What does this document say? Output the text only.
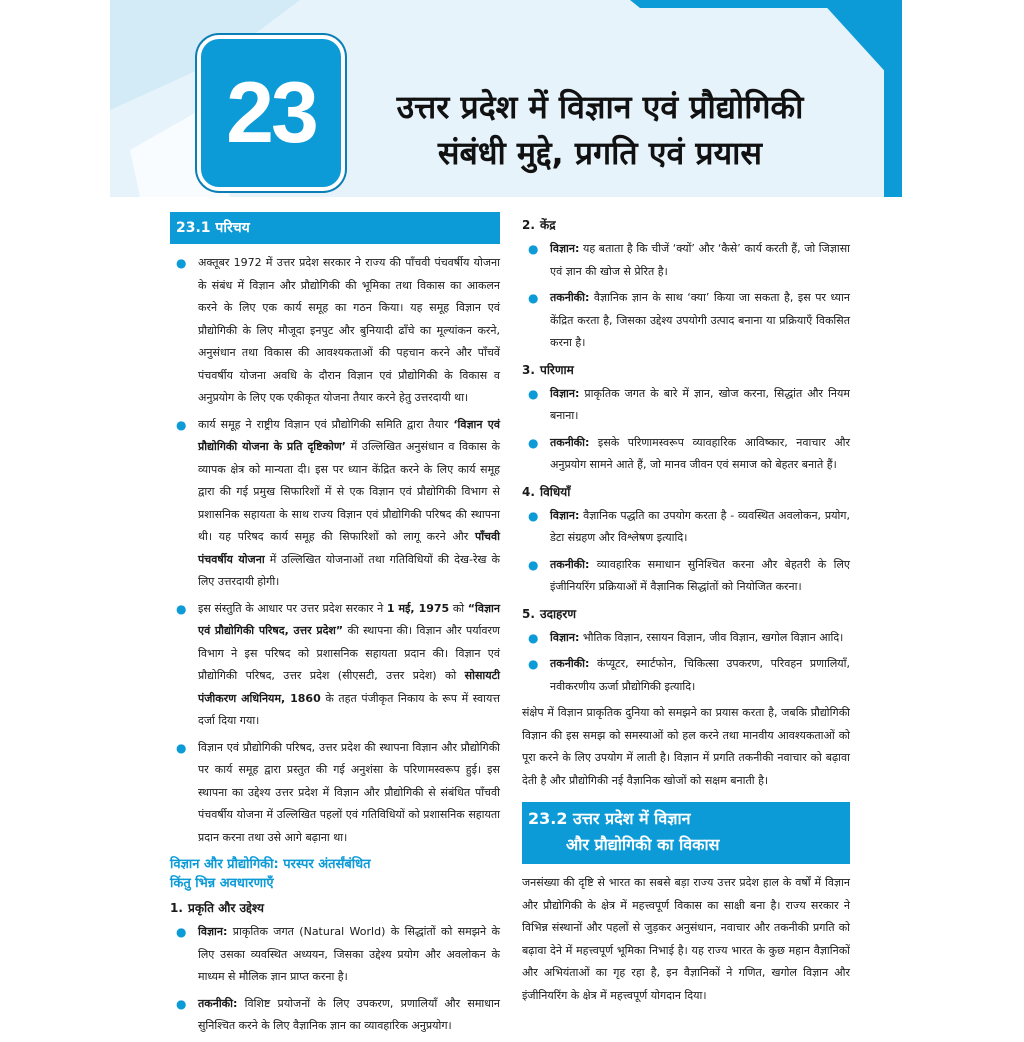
23	उत्तर प्रदेश में विज्ञान एवं प्रौद्योगिकी
संबंधी मुद्दे, प्रगति एवं प्रयास
23.1 परिचय
● अक्तूबर 1972 में उत्तर प्रदेश सरकार ने राज्य की पाँचवी पंचवर्षीय योजना के संबंध में विज्ञान और प्रौद्योगिकी की भूमिका तथा विकास का आकलन करने के लिए एक कार्य समूह का गठन किया। यह समूह विज्ञान एवं प्रौद्योगिकी के लिए मौजूदा इनपुट और बुनियादी ढाँचे का मूल्यांकन करने, अनुसंधान तथा विकास की आवश्यकताओं की पहचान करने और पाँचवें पंचवर्षीय योजना अवधि के दौरान विज्ञान एवं प्रौद्योगिकी के विकास व अनुप्रयोग के लिए एक एकीकृत योजना तैयार करने हेतु उत्तरदायी था।
● कार्य समूह ने राष्ट्रीय विज्ञान एवं प्रौद्योगिकी समिति द्वारा तैयार ‘विज्ञान एवं प्रौद्योगिकी योजना के प्रति दृष्टिकोण’ में उल्लिखित अनुसंधान व विकास के व्यापक क्षेत्र को मान्यता दी। इस पर ध्यान केंद्रित करने के लिए कार्य समूह द्वारा की गई प्रमुख सिफारिशों में से एक विज्ञान एवं प्रौद्योगिकी विभाग से प्रशासनिक सहायता के साथ राज्य विज्ञान एवं प्रौद्योगिकी परिषद की स्थापना थी। यह परिषद कार्य समूह की सिफारिशों को लागू करने और पाँचवी पंचवर्षीय योजना में उल्लिखित योजनाओं तथा गतिविधियों की देख-रेख के लिए उत्तरदायी होगी।
● इस संस्तुति के आधार पर उत्तर प्रदेश सरकार ने 1 मई, 1975 को “विज्ञान एवं प्रौद्योगिकी परिषद, उत्तर प्रदेश” की स्थापना की। विज्ञान और पर्यावरण विभाग ने इस परिषद को प्रशासनिक सहायता प्रदान की। विज्ञान एवं प्रौद्योगिकी परिषद, उत्तर प्रदेश (सीएसटी, उत्तर प्रदेश) को सोसायटी पंजीकरण अधिनियम, 1860 के तहत पंजीकृत निकाय के रूप में स्वायत्त दर्जा दिया गया।
● विज्ञान एवं प्रौद्योगिकी परिषद, उत्तर प्रदेश की स्थापना विज्ञान और प्रौद्योगिकी पर कार्य समूह द्वारा प्रस्तुत की गई अनुशंसा के परिणामस्वरूप हुई। इस स्थापना का उद्देश्य उत्तर प्रदेश में विज्ञान और प्रौद्योगिकी से संबंधित पाँचवी पंचवर्षीय योजना में उल्लिखित पहलों एवं गतिविधियों को प्रशासनिक सहायता प्रदान करना तथा उसे आगे बढ़ाना था।
विज्ञान और प्रौद्योगिकी: परस्पर अंतर्संबंधित
किंतु भिन्न अवधारणाएँ
1. प्रकृति और उद्देश्य
● विज्ञान: प्राकृतिक जगत (Natural World) के सिद्धांतों को समझने के लिए उसका व्यवस्थित अध्ययन, जिसका उद्देश्य प्रयोग और अवलोकन के माध्यम से मौलिक ज्ञान प्राप्त करना है।
● तकनीकी: विशिष्ट प्रयोजनों के लिए उपकरण, प्रणालियाँ और समाधान सुनिश्चित करने के लिए वैज्ञानिक ज्ञान का व्यावहारिक अनुप्रयोग।
2. केंद्र
● विज्ञान: यह बताता है कि चीजें ‘क्यों’ और ‘कैसे’ कार्य करती हैं, जो जिज्ञासा एवं ज्ञान की खोज से प्रेरित है।
● तकनीकी: वैज्ञानिक ज्ञान के साथ ‘क्या’ किया जा सकता है, इस पर ध्यान केंद्रित करता है, जिसका उद्देश्य उपयोगी उत्पाद बनाना या प्रक्रियाएँ विकसित करना है।
3. परिणाम
● विज्ञान: प्राकृतिक जगत के बारे में ज्ञान, खोज करना, सिद्धांत और नियम बनाना।
● तकनीकी: इसके परिणामस्वरूप व्यावहारिक आविष्कार, नवाचार और अनुप्रयोग सामने आते हैं, जो मानव जीवन एवं समाज को बेहतर बनाते हैं।
4. विधियाँ
● विज्ञान: वैज्ञानिक पद्धति का उपयोग करता है - व्यवस्थित अवलोकन, प्रयोग, डेटा संग्रहण और विश्लेषण इत्यादि।
● तकनीकी: व्यावहारिक समाधान सुनिश्चित करना और बेहतरी के लिए इंजीनियरिंग प्रक्रियाओं में वैज्ञानिक सिद्धांतों को नियोजित करना।
5. उदाहरण
● विज्ञान: भौतिक विज्ञान, रसायन विज्ञान, जीव विज्ञान, खगोल विज्ञान आदि।
● तकनीकी: कंप्यूटर, स्मार्टफोन, चिकित्सा उपकरण, परिवहन प्रणालियाँ, नवीकरणीय ऊर्जा प्रौद्योगिकी इत्यादि।
संक्षेप में विज्ञान प्राकृतिक दुनिया को समझने का प्रयास करता है, जबकि प्रौद्योगिकी विज्ञान की इस समझ को समस्याओं को हल करने तथा मानवीय आवश्यकताओं को पूरा करने के लिए उपयोग में लाती है। विज्ञान में प्रगति तकनीकी नवाचार को बढ़ावा देती है और प्रौद्योगिकी नई वैज्ञानिक खोजों को सक्षम बनाती है।
23.2 उत्तर प्रदेश में विज्ञान
और प्रौद्योगिकी का विकास
जनसंख्या की दृष्टि से भारत का सबसे बड़ा राज्य उत्तर प्रदेश हाल के वर्षों में विज्ञान और प्रौद्योगिकी के क्षेत्र में महत्त्वपूर्ण विकास का साक्षी बना है। राज्य सरकार ने विभिन्न संस्थानों और पहलों से जुड़कर अनुसंधान, नवाचार और तकनीकी प्रगति को बढ़ावा देने में महत्त्वपूर्ण भूमिका निभाई है। यह राज्य भारत के कुछ महान वैज्ञानिकों और अभियंताओं का गृह रहा है, इन वैज्ञानिकों ने गणित, खगोल विज्ञान और इंजीनियरिंग के क्षेत्र में महत्त्वपूर्ण योगदान दिया।
